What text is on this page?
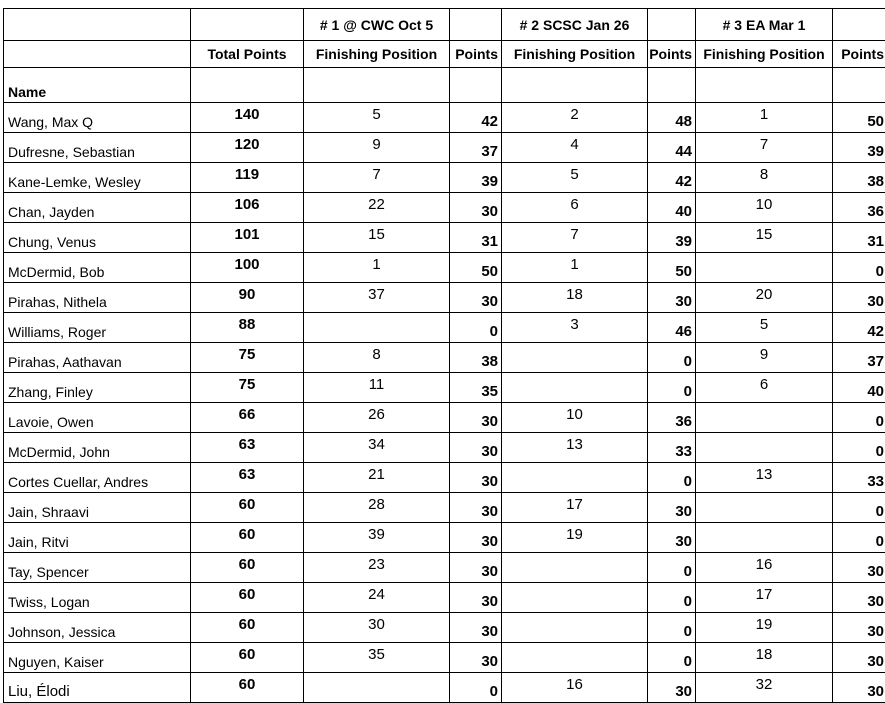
		# 1 @ CWC Oct 5		# 2 SCSC Jan 26		# 3 EA Mar 1	
	Total Points	Finishing Position	Points	Finishing Position	Points	Finishing Position	Points
Name							
Wang, Max Q	140	5	42	2	48	1	50
Dufresne, Sebastian	120	9	37	4	44	7	39
Kane-Lemke, Wesley	119	7	39	5	42	8	38
Chan, Jayden	106	22	30	6	40	10	36
Chung, Venus	101	15	31	7	39	15	31
McDermid, Bob	100	1	50	1	50		0
Pirahas, Nithela	90	37	30	18	30	20	30
Williams, Roger	88		0	3	46	5	42
Pirahas, Aathavan	75	8	38		0	9	37
Zhang, Finley	75	11	35		0	6	40
Lavoie, Owen	66	26	30	10	36		0
McDermid, John	63	34	30	13	33		0
Cortes Cuellar, Andres	63	21	30		0	13	33
Jain, Shraavi	60	28	30	17	30		0
Jain, Ritvi	60	39	30	19	30		0
Tay, Spencer	60	23	30		0	16	30
Twiss, Logan	60	24	30		0	17	30
Johnson, Jessica	60	30	30		0	19	30
Nguyen, Kaiser	60	35	30		0	18	30
Liu, Élodi	60		0	16	30	32	30
